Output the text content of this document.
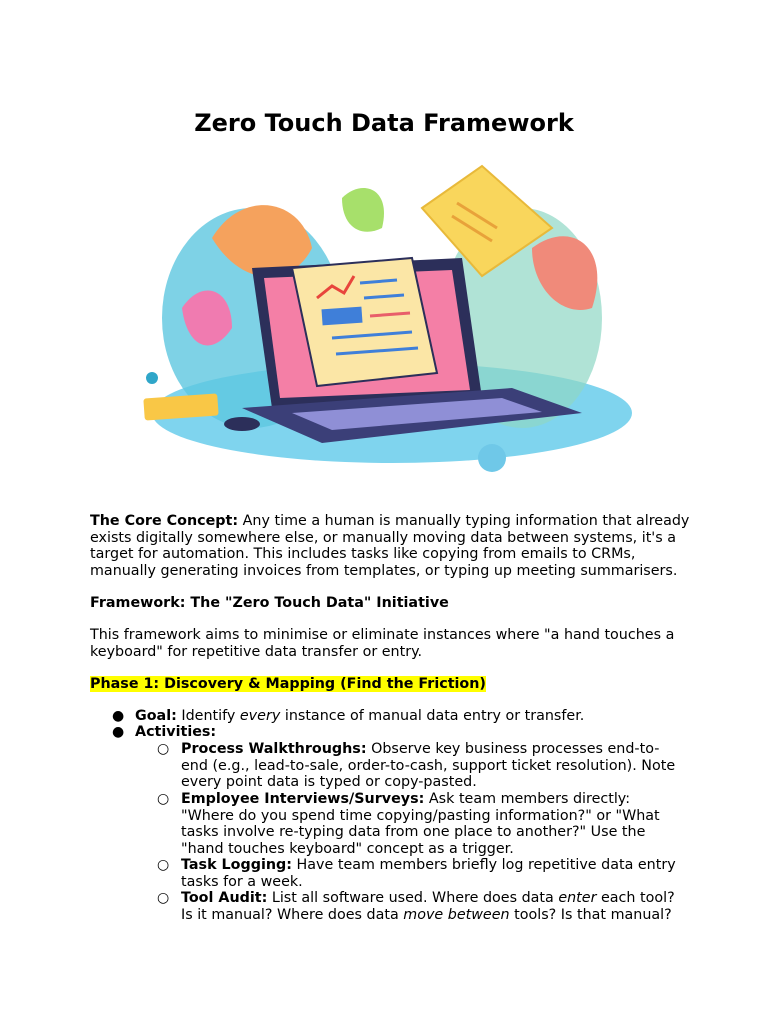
Zero Touch Data Framework
The Core Concept: Any time a human is manually typing information that already exists digitally somewhere else, or manually moving data between systems, it's a target for automation. This includes tasks like copying from emails to CRMs, manually generating invoices from templates, or typing up meeting summarisers.
Framework: The "Zero Touch Data" Initiative
This framework aims to minimise or eliminate instances where "a hand touches a keyboard" for repetitive data transfer or entry.
Phase 1: Discovery & Mapping (Find the Friction)
● Goal: Identify every instance of manual data entry or transfer.
● Activities:
○ Process Walkthroughs: Observe key business processes end-to-end (e.g., lead-to-sale, order-to-cash, support ticket resolution). Note every point data is typed or copy-pasted.
○ Employee Interviews/Surveys: Ask team members directly: "Where do you spend time copying/pasting information?" or "What tasks involve re-typing data from one place to another?" Use the "hand touches keyboard" concept as a trigger.
○ Task Logging: Have team members briefly log repetitive data entry tasks for a week.
○ Tool Audit: List all software used. Where does data enter each tool? Is it manual? Where does data move between tools? Is that manual?
